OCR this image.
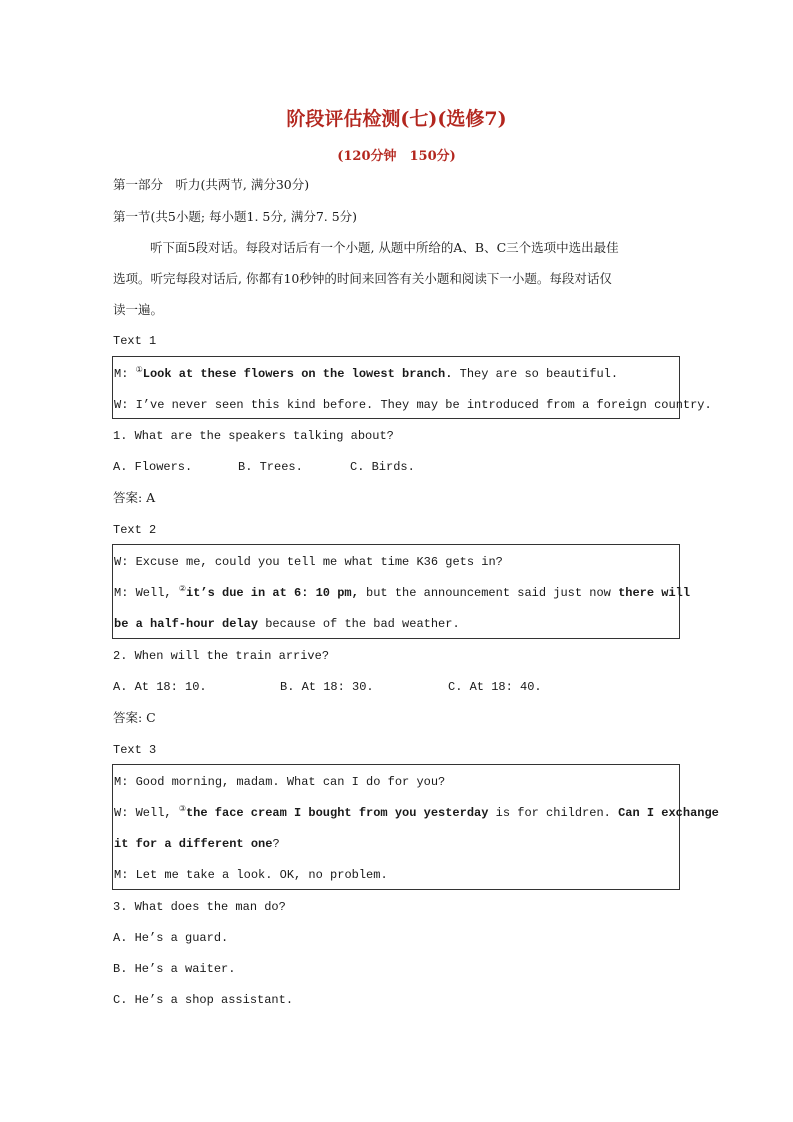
阶段评估检测(七)(选修7)
(120分钟　150分)
第一部分　听力(共两节, 满分30分)
第一节(共5小题; 每小题1. 5分, 满分7. 5分)
听下面5段对话。每段对话后有一个小题, 从题中所给的A、B、C三个选项中选出最佳
选项。听完每段对话后, 你都有10秒钟的时间来回答有关小题和阅读下一小题。每段对话仅
读一遍。
Text 1
M: ①Look at these flowers on the lowest branch. They are so beautiful.
W: I’ve never seen this kind before. They may be introduced from a foreign country.
1. What are the speakers talking about?
A. Flowers.	B. Trees.	C. Birds.
答案: A
Text 2
W: Excuse me, could you tell me what time K36 gets in?
M: Well, ②it’s due in at 6: 10 pm, but the announcement said just now there will
be a half-hour delay because of the bad weather.
2. When will the train arrive?
A. At 18: 10.	B. At 18: 30.	C. At 18: 40.
答案: C
Text 3
M: Good morning, madam. What can I do for you?
W: Well, ③the face cream I bought from you yesterday is for children. Can I exchange
it for a different one?
M: Let me take a look. OK, no problem.
3. What does the man do?
A. He’s a guard.
B. He’s a waiter.
C. He’s a shop assistant.
